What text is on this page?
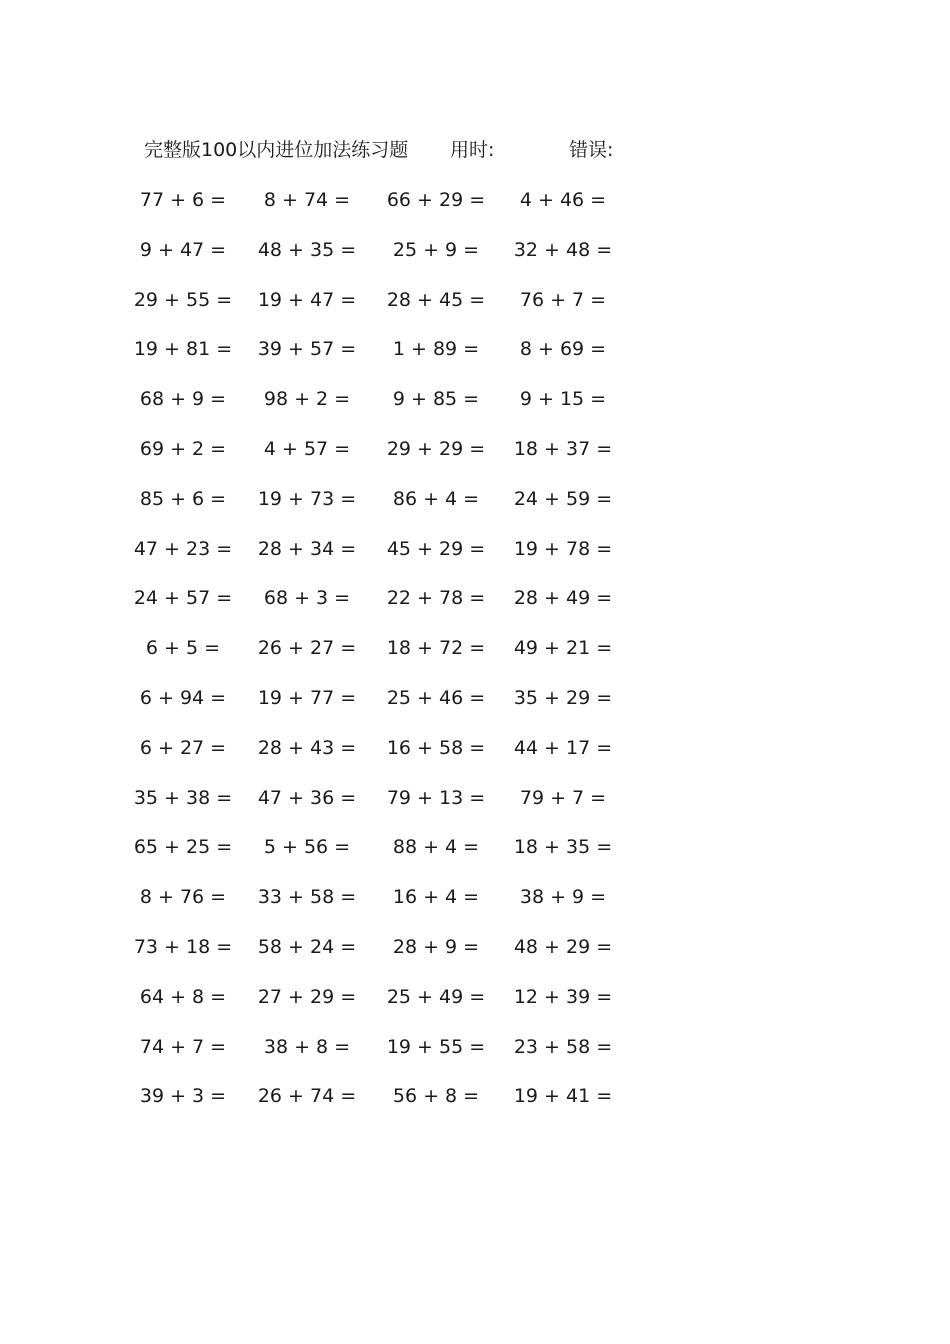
完整版100以内进位加法练习题 用时:	错误:
77 + 6 =	8 + 74 =	66 + 29 =	4 + 46 =
9 + 47 =	48 + 35 =	25 + 9 =	32 + 48 =
29 + 55 =	19 + 47 =	28 + 45 =	76 + 7 =
19 + 81 =	39 + 57 =	1 + 89 =	8 + 69 =
68 + 9 =	98 + 2 =	9 + 85 =	9 + 15 =
69 + 2 =	4 + 57 =	29 + 29 =	18 + 37 =
85 + 6 =	19 + 73 =	86 + 4 =	24 + 59 =
47 + 23 =	28 + 34 =	45 + 29 =	19 + 78 =
24 + 57 =	68 + 3 =	22 + 78 =	28 + 49 =
6 + 5 =	26 + 27 =	18 + 72 =	49 + 21 =
6 + 94 =	19 + 77 =	25 + 46 =	35 + 29 =
6 + 27 =	28 + 43 =	16 + 58 =	44 + 17 =
35 + 38 =	47 + 36 =	79 + 13 =	79 + 7 =
65 + 25 =	5 + 56 =	88 + 4 =	18 + 35 =
8 + 76 =	33 + 58 =	16 + 4 =	38 + 9 =
73 + 18 =	58 + 24 =	28 + 9 =	48 + 29 =
64 + 8 =	27 + 29 =	25 + 49 =	12 + 39 =
74 + 7 =	38 + 8 =	19 + 55 =	23 + 58 =
39 + 3 =	26 + 74 =	56 + 8 =	19 + 41 =
